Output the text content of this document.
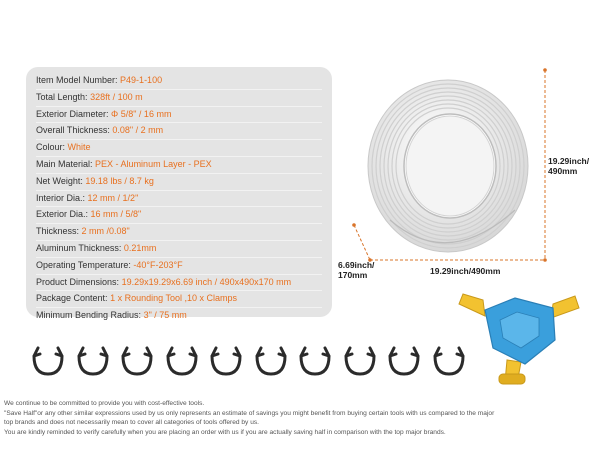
Item Model Number: P49-1-100
Total Length: 328ft / 100 m
Exterior Diameter: Φ 5/8" / 16 mm
Overall Thickness: 0.08" / 2 mm
Colour: White
Main Material: PEX - Aluminum Layer - PEX
Net Weight: 19.18 lbs / 8.7 kg
Interior Dia.: 12 mm / 1/2"
Exterior Dia.: 16 mm / 5/8"
Thickness: 2 mm /0.08"
Aluminum Thickness: 0.21mm
Operating Temperature: -40°F-203°F
Product Dimensions: 19.29x19.29x6.69 inch / 490x490x170 mm
Package Content: 1 x Rounding Tool ,10 x Clamps
Minimum Bending Radius: 3" / 75 mm
19.29inch/
490mm
19.29inch/490mm
6.69inch/
170mm
We continue to be committed to provide you with cost-effective tools.
"Save Half"or any other similar expressions used by us only represents an estimate of savings you might benefit from buying certain tools with us compared to the major
top brands and does not necessarily mean to cover all categories of tools offered by us.
You are kindly reminded to verify carefully when you are placing an order with us if you are actually saving half in comparison with the top major brands.
